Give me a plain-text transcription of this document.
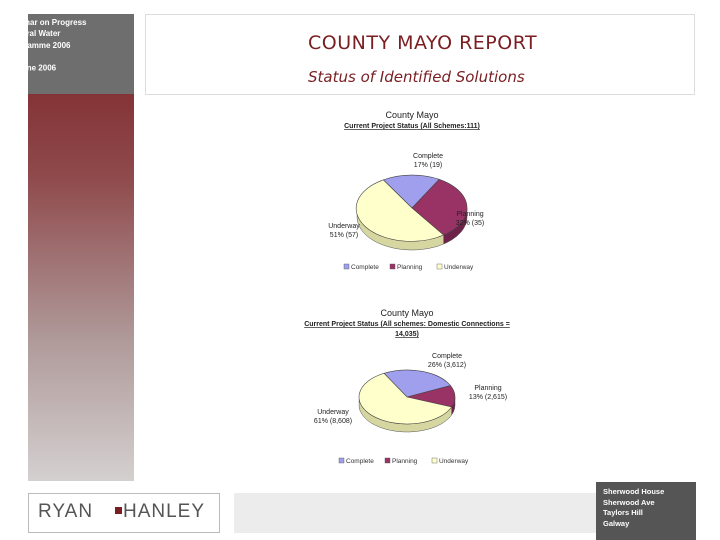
Presentation to
Seminar on Progress
of Rural Water
Programme 2006
8th June 2006
COUNTY MAYO REPORT
Status of Identified Solutions
County Mayo
Current Project Status (All Schemes:111)
Complete
17% (19)
Planning
32% (35)
Underway
51% (57)
Complete	Planning	Underway
County Mayo
Current Project Status (All schemes: Domestic Connections =
14,035)
Complete
26% (3,612)
Planning
13% (2,615)
Underway
61% (8,608)
Complete	Planning	Underway
RYAN HANLEY
Sherwood House
Sherwood Ave
Taylors Hill
Galway
